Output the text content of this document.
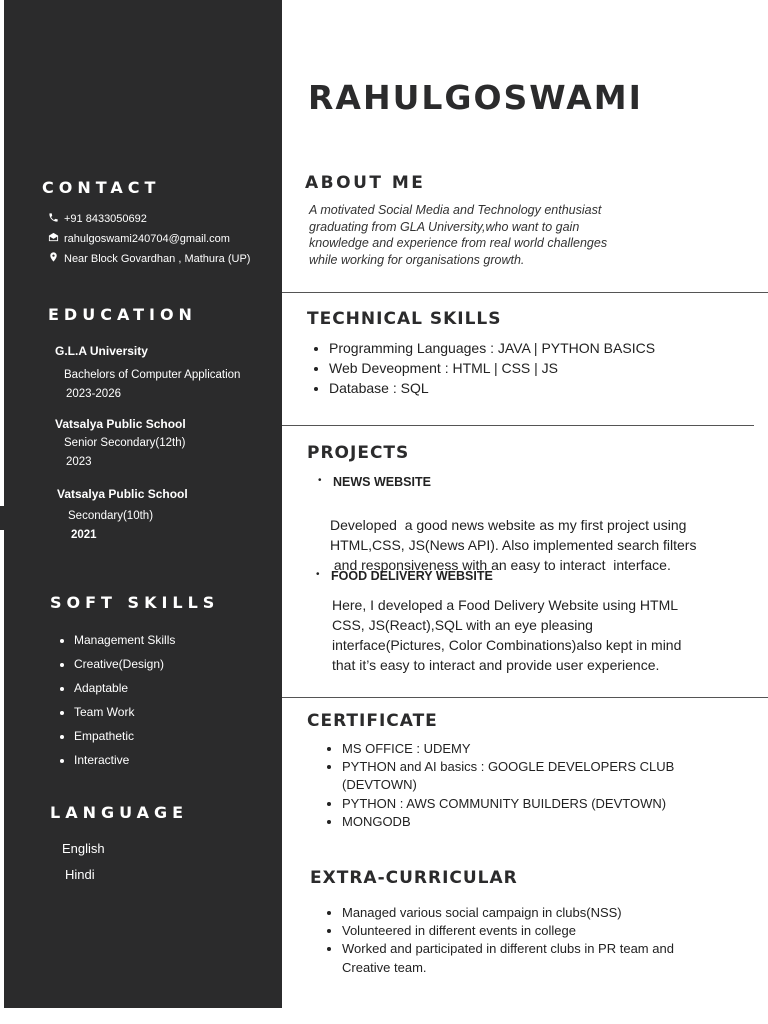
CONTACT
+91 8433050692
rahulgoswami240704@gmail.com
Near Block Govardhan , Mathura (UP)
EDUCATION
G.L.A University
Bachelors of Computer Application
2023-2026
Vatsalya Public School
Senior Secondary(12th)
2023
Vatsalya Public School
Secondary(10th)
2021
SOFT SKILLS
• Management Skills
• Creative(Design)
• Adaptable
• Team Work
• Empathetic
• Interactive
LANGUAGE
English
Hindi
RAHULGOSWAMI
ABOUT ME
A motivated Social Media and Technology enthusiast
graduating from GLA University,who want to gain
knowledge and experience from real world challenges
while working for organisations growth.
TECHNICAL SKILLS
• Programming Languages : JAVA | PYTHON BASICS
• Web Deveopment : HTML | CSS | JS
• Database : SQL
PROJECTS
• NEWS WEBSITE

Developed  a good news website as my first project using
HTML,CSS, JS(News API). Also implemented search filters
and responsiveness with an easy to interact  interface.
• FOOD DELIVERY WEBSITE
Here, I developed a Food Delivery Website using HTML
CSS, JS(React),SQL with an eye pleasing
interface(Pictures, Color Combinations)also kept in mind
that it’s easy to interact and provide user experience.
CERTIFICATE
• MS OFFICE : UDEMY
• PYTHON and AI basics : GOOGLE DEVELOPERS CLUB (DEVTOWN)
• PYTHON : AWS COMMUNITY BUILDERS (DEVTOWN)
• MONGODB
EXTRA-CURRICULAR
• Managed various social campaign in clubs(NSS)
• Volunteered in different events in college
• Worked and participated in different clubs in PR team and Creative team.
